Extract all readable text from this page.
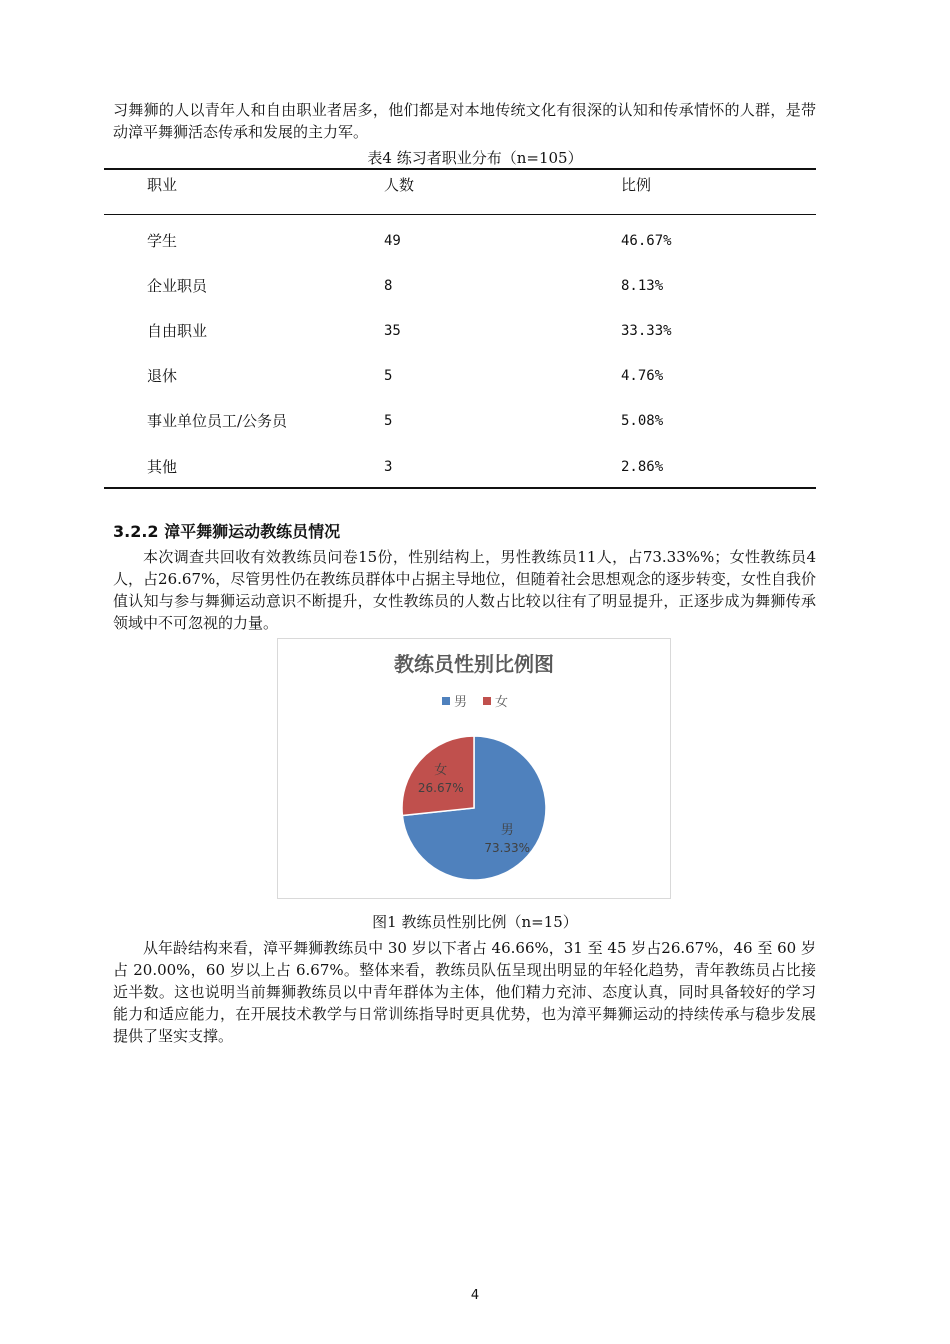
习舞狮的人以青年人和自由职业者居多，他们都是对本地传统文化有很深的认知和传承情怀的人群，是带动漳平舞狮活态传承和发展的主力军。

表4 练习者职业分布（n=105）
职业	人数	比例
学生	49	46.67%
企业职员	8	8.13%
自由职业	35	33.33%
退休	5	4.76%
事业单位员工/公务员	5	5.08%
其他	3	2.86%
3.2.2 漳平舞狮运动教练员情况

本次调查共回收有效教练员问卷15份，性别结构上，男性教练员11人，占73.33%%；女性教练员4人，占26.67%，尽管男性仍在教练员群体中占据主导地位，但随着社会思想观念的逐步转变，女性自我价值认知与参与舞狮运动意识不断提升，女性教练员的人数占比较以往有了明显提升，正逐步成为舞狮传承领域中不可忽视的力量。

教练员性别比例图
男 女
男
73.33%
女
26.67%
图1 教练员性别比例（n=15）

从年龄结构来看，漳平舞狮教练员中 30 岁以下者占 46.66%，31 至 45 岁占26.67%，46 至 60 岁占 20.00%，60 岁以上占 6.67%。整体来看，教练员队伍呈现出明显的年轻化趋势，青年教练员占比接近半数。这也说明当前舞狮教练员以中青年群体为主体，他们精力充沛、态度认真，同时具备较好的学习能力和适应能力，在开展技术教学与日常训练指导时更具优势，也为漳平舞狮运动的持续传承与稳步发展提供了坚实支撑。

4
